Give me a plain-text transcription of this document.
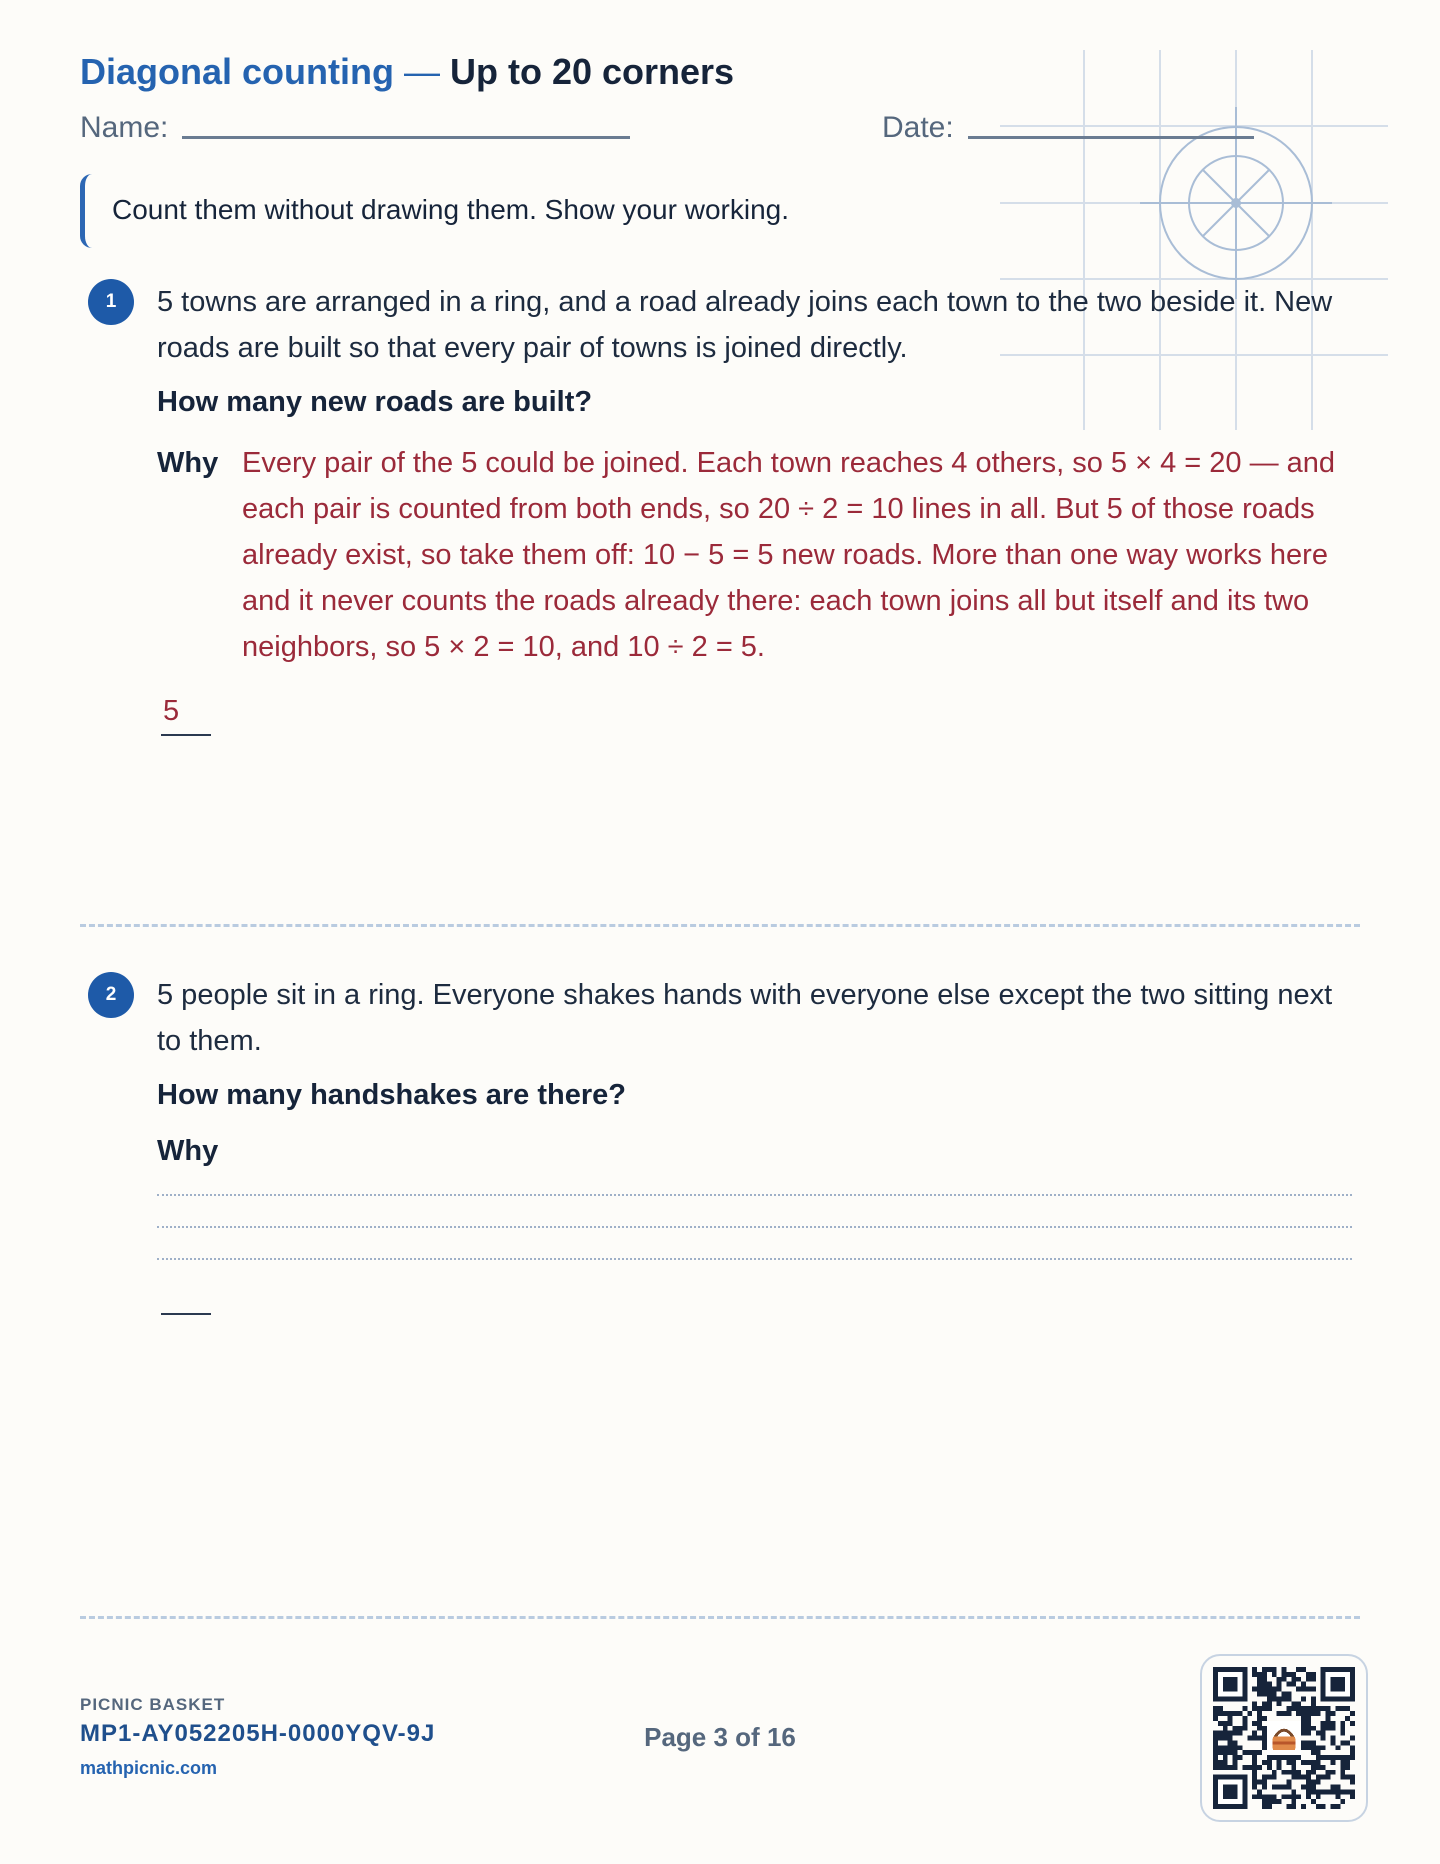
Diagonal counting — Up to 20 corners
Name:	Date:
Count them without drawing them. Show your working.
1	5 towns are arranged in a ring, and a road already joins each town to the two beside it. New roads are built so that every pair of towns is joined directly.
How many new roads are built?
Why Every pair of the 5 could be joined. Each town reaches 4 others, so 5 × 4 = 20 — and each pair is counted from both ends, so 20 ÷ 2 = 10 lines in all. But 5 of those roads already exist, so take them off: 10 − 5 = 5 new roads. More than one way works here and it never counts the roads already there: each town joins all but itself and its two neighbors, so 5 × 2 = 10, and 10 ÷ 2 = 5.
5
2	5 people sit in a ring. Everyone shakes hands with everyone else except the two sitting next to them.
How many handshakes are there?
Why
PICNIC BASKET
MP1-AY052205H-0000YQV-9J
mathpicnic.com
Page 3 of 16
